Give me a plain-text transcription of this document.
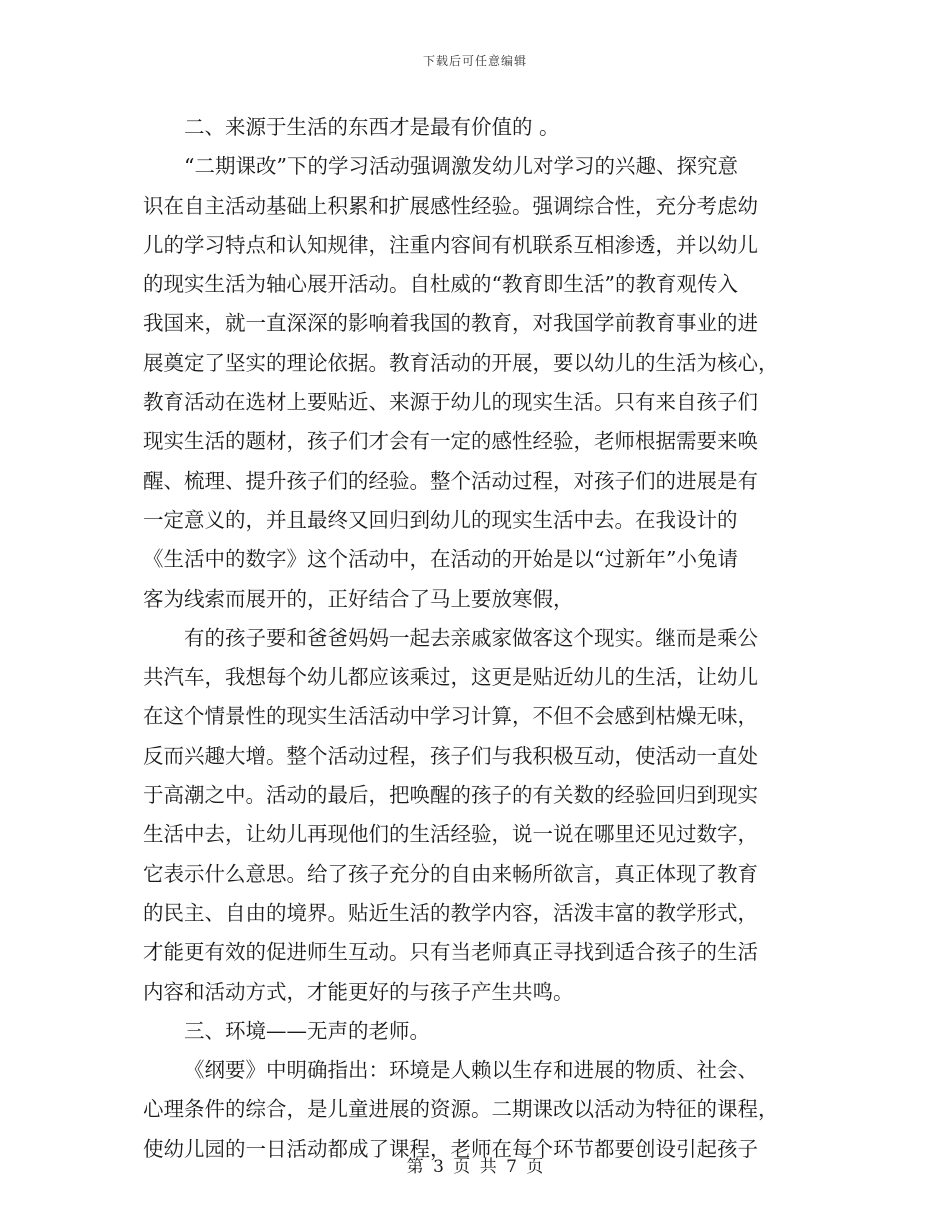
下载后可任意编辑
二、来源于生活的东西才是最有价值的 。
“二期课改”下的学习活动强调激发幼儿对学习的兴趣、探究意
识在自主活动基础上积累和扩展感性经验。强调综合性，充分考虑幼
儿的学习特点和认知规律，注重内容间有机联系互相渗透，并以幼儿
的现实生活为轴心展开活动。自杜威的“教育即生活”的教育观传入
我国来，就一直深深的影响着我国的教育，对我国学前教育事业的进
展奠定了坚实的理论依据。教育活动的开展，要以幼儿的生活为核心，
教育活动在选材上要贴近、来源于幼儿的现实生活。只有来自孩子们
现实生活的题材，孩子们才会有一定的感性经验，老师根据需要来唤
醒、梳理、提升孩子们的经验。整个活动过程，对孩子们的进展是有
一定意义的，并且最终又回归到幼儿的现实生活中去。在我设计的
《生活中的数字》这个活动中，在活动的开始是以“过新年”小兔请
客为线索而展开的，正好结合了马上要放寒假，
有的孩子要和爸爸妈妈一起去亲戚家做客这个现实。继而是乘公
共汽车，我想每个幼儿都应该乘过，这更是贴近幼儿的生活，让幼儿
在这个情景性的现实生活活动中学习计算，不但不会感到枯燥无味，
反而兴趣大增。整个活动过程，孩子们与我积极互动，使活动一直处
于高潮之中。活动的最后，把唤醒的孩子的有关数的经验回归到现实
生活中去，让幼儿再现他们的生活经验，说一说在哪里还见过数字，
它表示什么意思。给了孩子充分的自由来畅所欲言，真正体现了教育
的民主、自由的境界。贴近生活的教学内容，活泼丰富的教学形式，
才能更有效的促进师生互动。只有当老师真正寻找到适合孩子的生活
内容和活动方式，才能更好的与孩子产生共鸣。
三、环境——无声的老师。
《纲要》中明确指出：环境是人赖以生存和进展的物质、社会、
心理条件的综合，是儿童进展的资源。二期课改以活动为特征的课程，
使幼儿园的一日活动都成了课程，老师在每个环节都要创设引起孩子
第 3 页 共 7 页
